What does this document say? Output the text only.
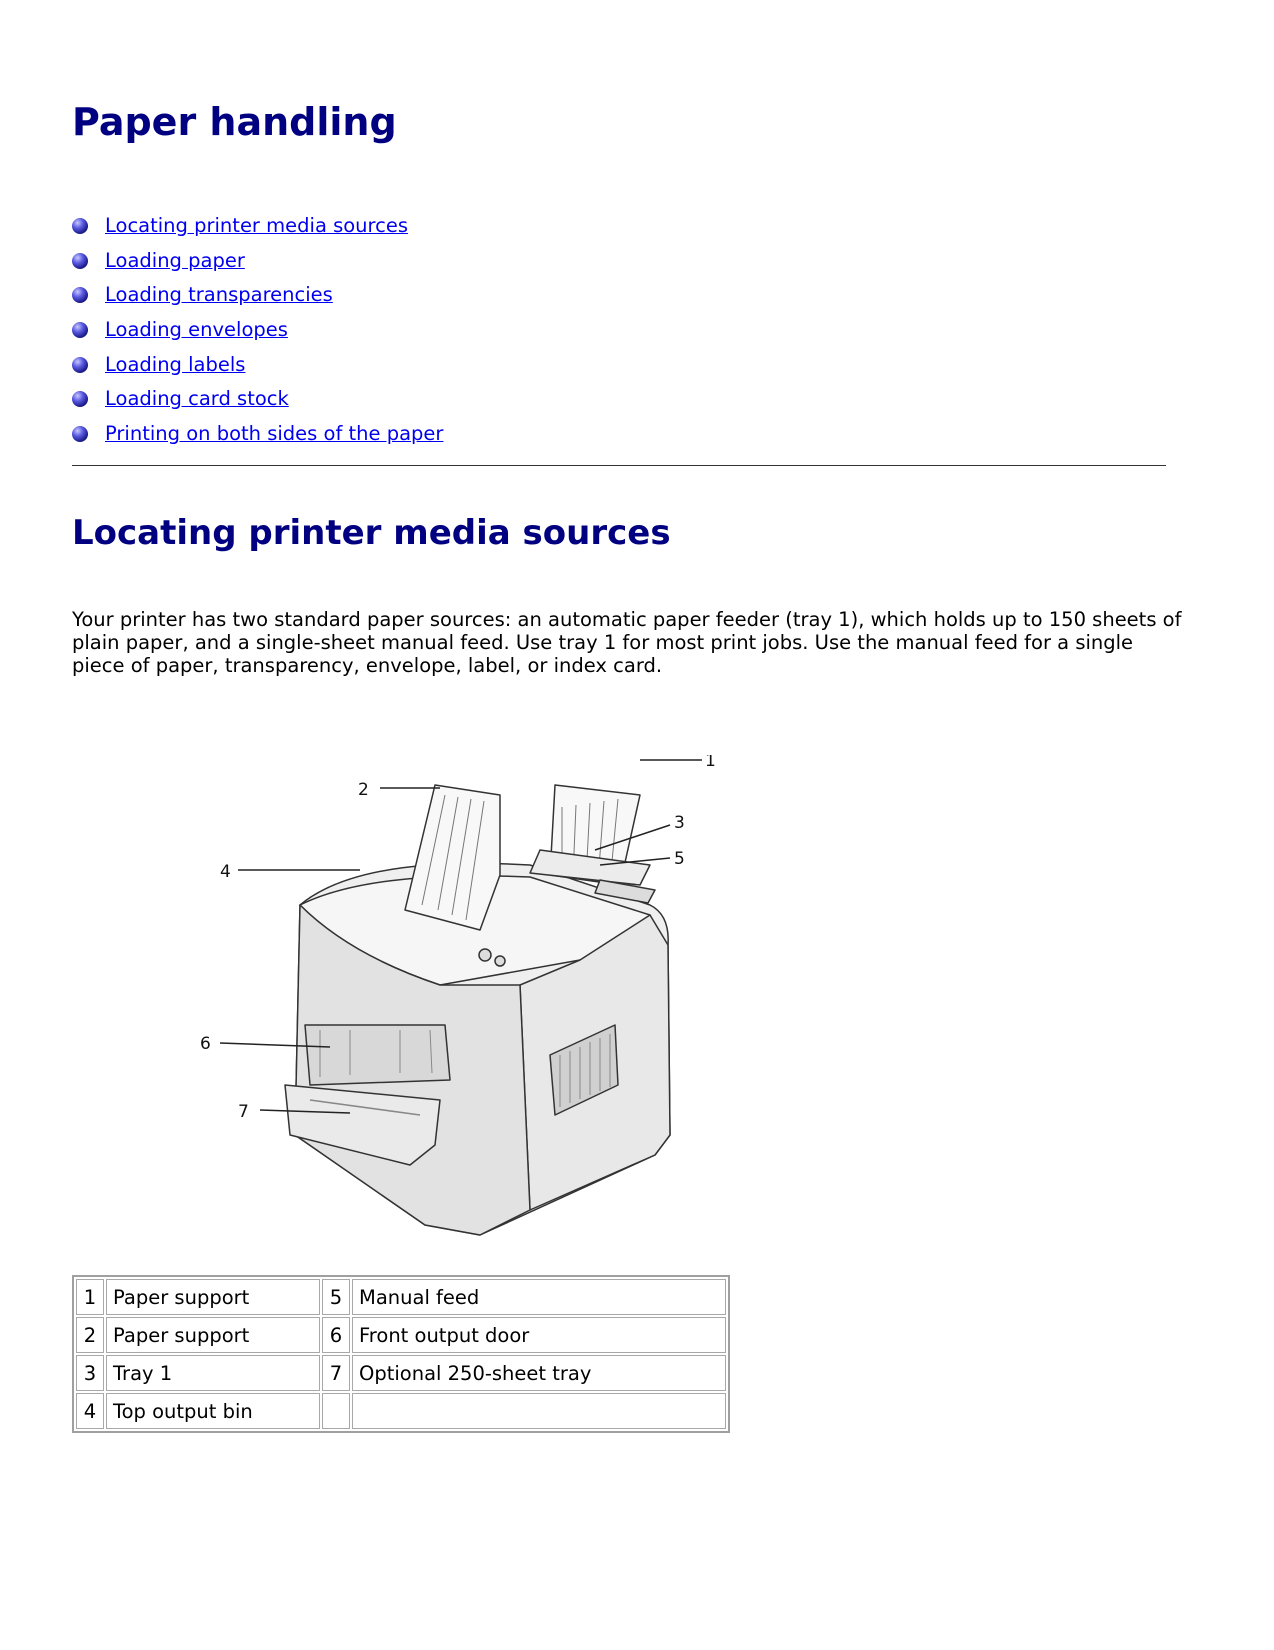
Paper handling
Locating printer media sources
Loading paper
Loading transparencies
Loading envelopes
Loading labels
Loading card stock
Printing on both sides of the paper
Locating printer media sources

Your printer has two standard paper sources: an automatic paper feeder (tray 1), which holds up to 150 sheets of plain paper, and a single-sheet manual feed. Use tray 1 for most print jobs. Use the manual feed for a single piece of paper, transparency, envelope, label, or index card.

1
2
3
4
5
6
7
1	Paper support	5	Manual feed
2	Paper support	6	Front output door
3	Tray 1	7	Optional 250-sheet tray
4	Top output bin		
